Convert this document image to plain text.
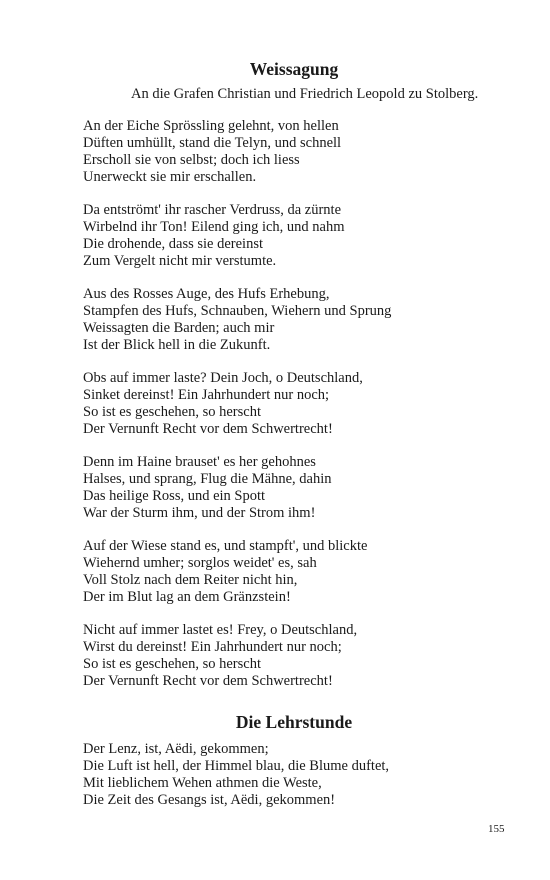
Weissagung
An die Grafen Christian und Friedrich Leopold zu Stolberg.
An der Eiche Sprössling gelehnt, von hellen
Düften umhüllt, stand die Telyn, und schnell
Erscholl sie von selbst; doch ich liess
Unerweckt sie mir erschallen.
Da entströmt' ihr rascher Verdruss, da zürnte
Wirbelnd ihr Ton! Eilend ging ich, und nahm
Die drohende, dass sie dereinst
Zum Vergelt nicht mir verstumte.
Aus des Rosses Auge, des Hufs Erhebung,
Stampfen des Hufs, Schnauben, Wiehern und Sprung
Weissagten die Barden; auch mir
Ist der Blick hell in die Zukunft.
Obs auf immer laste? Dein Joch, o Deutschland,
Sinket dereinst! Ein Jahrhundert nur noch;
So ist es geschehen, so herscht
Der Vernunft Recht vor dem Schwertrecht!
Denn im Haine brauset' es her gehohnes
Halses, und sprang, Flug die Mähne, dahin
Das heilige Ross, und ein Spott
War der Sturm ihm, und der Strom ihm!
Auf der Wiese stand es, und stampft', und blickte
Wiehernd umher; sorglos weidet' es, sah
Voll Stolz nach dem Reiter nicht hin,
Der im Blut lag an dem Gränzstein!
Nicht auf immer lastet es! Frey, o Deutschland,
Wirst du dereinst! Ein Jahrhundert nur noch;
So ist es geschehen, so herscht
Der Vernunft Recht vor dem Schwertrecht!
Die Lehrstunde
Der Lenz, ist, Aëdi, gekommen;
Die Luft ist hell, der Himmel blau, die Blume duftet,
Mit lieblichem Wehen athmen die Weste,
Die Zeit des Gesangs ist, Aëdi, gekommen!
155
